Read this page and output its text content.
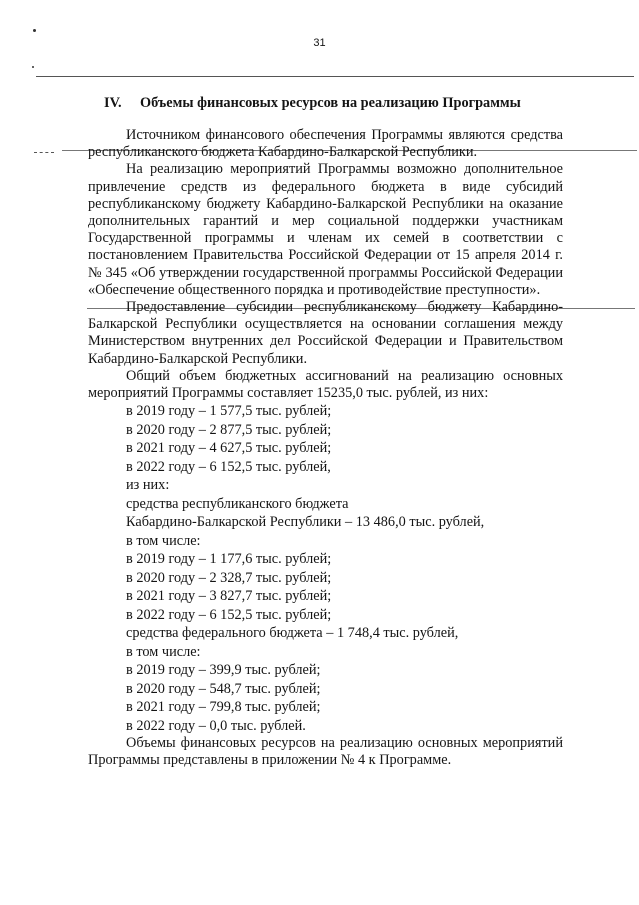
31
IV. Объемы финансовых ресурсов на реализацию Программы

Источником финансового обеспечения Программы являются средства республиканского бюджета Кабардино-Балкарской Республики.

На реализацию мероприятий Программы возможно дополнительное привлечение средств из федерального бюджета в виде субсидий республиканскому бюджету Кабардино-Балкарской Республики на оказание дополнительных гарантий и мер социальной поддержки участникам Государственной программы и членам их семей в соответствии с постановлением Правительства Российской Федерации от 15 апреля 2014 г. № 345 «Об утверждении государственной программы Российской Федерации «Обеспечение общественного порядка и противодействие преступности».

Предоставление субсидии республиканскому бюджету Кабардино-Балкарской Республики осуществляется на основании соглашения между Министерством внутренних дел Российской Федерации и Правительством Кабардино-Балкарской Республики.

Общий объем бюджетных ассигнований на реализацию основных мероприятий Программы составляет 15235,0 тыс. рублей, из них:

в 2019 году – 1 577,5 тыс. рублей;
в 2020 году – 2 877,5 тыс. рублей;
в 2021 году – 4 627,5 тыс. рублей;
в 2022 году – 6 152,5 тыс. рублей,
из них:
средства республиканского бюджета
Кабардино-Балкарской Республики – 13 486,0 тыс. рублей,
в том числе:
в 2019 году – 1 177,6 тыс. рублей;
в 2020 году – 2 328,7 тыс. рублей;
в 2021 году – 3 827,7 тыс. рублей;
в 2022 году – 6 152,5 тыс. рублей;
средства федерального бюджета – 1 748,4 тыс. рублей,
в том числе:
в 2019 году – 399,9 тыс. рублей;
в 2020 году – 548,7 тыс. рублей;
в 2021 году – 799,8 тыс. рублей;
в 2022 году – 0,0 тыс. рублей.

Объемы финансовых ресурсов на реализацию основных мероприятий Программы представлены в приложении № 4 к Программе.
